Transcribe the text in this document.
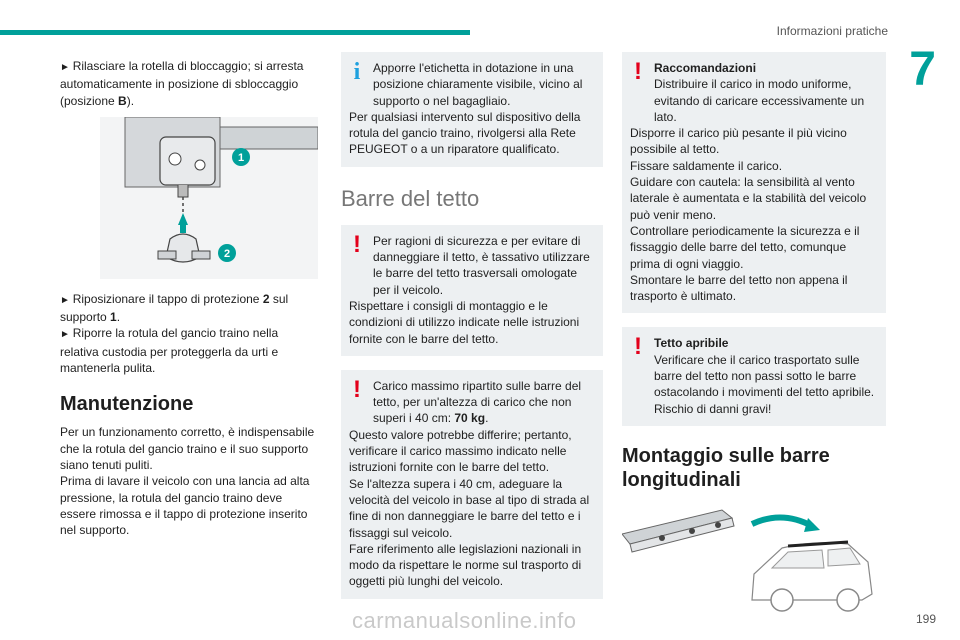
Informazioni pratiche
7

► Rilasciare la rotella di bloccaggio; si arresta automaticamente in posizione di sbloccaggio (posizione B).

1
2

► Riposizionare il tappo di protezione 2 sul supporto 1.

► Riporre la rotula del gancio traino nella relativa custodia per proteggerla da urti e mantenerla pulita.

Manutenzione

Per un funzionamento corretto, è indispensabile che la rotula del gancio traino e il suo supporto siano tenuti puliti.

Prima di lavare il veicolo con una lancia ad alta pressione, la rotula del gancio traino deve essere rimossa e il tappo di protezione inserito nel supporto.

i	Apporre l'etichetta in dotazione in una posizione chiaramente visibile, vicino al supporto o nel bagagliaio.

Per qualsiasi intervento sul dispositivo della rotula del gancio traino, rivolgersi alla Rete PEUGEOT o a un riparatore qualificato.

Barre del tetto
!	Per ragioni di sicurezza e per evitare di danneggiare il tetto, è tassativo utilizzare le barre del tetto trasversali omologate per il veicolo.

Rispettare i consigli di montaggio e le condizioni di utilizzo indicate nelle istruzioni fornite con le barre del tetto.

!	Carico massimo ripartito sulle barre del tetto, per un'altezza di carico che non superi i 40 cm: 70 kg.

Questo valore potrebbe differire; pertanto, verificare il carico massimo indicato nelle istruzioni fornite con le barre del tetto.

Se l'altezza supera i 40 cm, adeguare la velocità del veicolo in base al tipo di strada al fine di non danneggiare le barre del tetto e i fissaggi sul veicolo.

Fare riferimento alle legislazioni nazionali in modo da rispettare le norme sul trasporto di oggetti più lunghi del veicolo.

!	Raccomandazioni

Distribuire il carico in modo uniforme, evitando di caricare eccessivamente un lato.

Disporre il carico più pesante il più vicino possibile al tetto.

Fissare saldamente il carico.

Guidare con cautela: la sensibilità al vento laterale è aumentata e la stabilità del veicolo può venir meno.

Controllare periodicamente la sicurezza e il fissaggio delle barre del tetto, comunque prima di ogni viaggio.

Smontare le barre del tetto non appena il trasporto è ultimato.

!	Tetto apribile

Verificare che il carico trasportato sulle barre del tetto non passi sotto le barre ostacolando i movimenti del tetto apribile. Rischio di danni gravi!

Montaggio sulle barre longitudinali
carmanualsonline.info	199
